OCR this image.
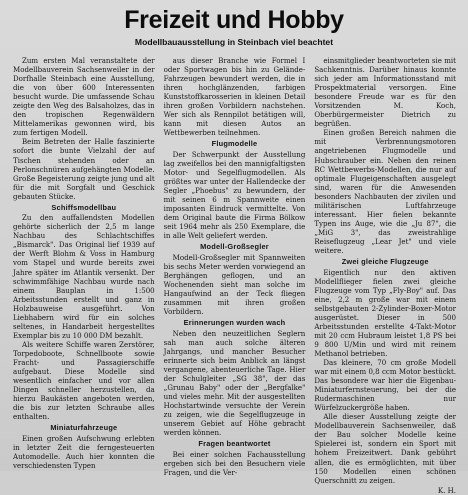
Freizeit und Hobby

Modellbauausstellung in Steinbach viel beachtet

Zum ersten Mal veranstaltete der Modellbauverein Sachsenweiler in der Dorfhalle Steinbach eine Ausstellung, die von über 600 Interessenten besucht wurde. Die umfassende Schau zeigte den Weg des Balsaholzes, das in den tropischen Regenwäldern Mittelamerikas gewonnen wird, bis zum fertigen Modell.

Beim Betreten der Halle faszinierte sofort die bunte Vielzahl der auf Tischen stehenden oder an Perlonschnüren aufgehängten Modelle. Große Begeisterung zeigte jung und alt für die mit Sorgfalt und Geschick gebauten Stücke.

Schiffsmodellbau

Zu den auffallendsten Modellen gehörte sicherlich der 2,5 m lange Nachbau des Schlachtschiffes „Bismarck". Das Original lief 1939 auf der Werft Blohm & Voss in Hamburg vom Stapel und wurde bereits zwei Jahre später im Atlantik versenkt. Der schwimmfähige Nachbau wurde nach einem Bauplan in 1:500 Arbeitsstunden erstellt und ganz in Holzbauweise ausgeführt. Von Liebhabern wird für ein solches seltenes, in Handarbeit hergestelltes Exemplar bis zu 10 000 DM bezahlt.

Als weitere Schiffe waren Zerstörer, Torpedoboote, Schnellboote sowie Fracht- und Passagierschiffe aufgebaut. Diese Modelle sind wesentlich einfacher und vor allen Dingen schneller herzustellen, da hierzu Baukästen angeboten werden, die bis zur letzten Schraube alles enthalten.

Miniaturfahrzeuge

Einen großen Aufschwung erlebten in letzter Zeit die ferngesteuerten Automodelle. Auch hier konnten die verschiedensten Typen

aus dieser Branche wie Formel I oder Sportwagen bis hin zu Gelände-Fahrzeugen bewundert werden, die in ihren hochglänzenden, farbigen Kunststoffkarosserien in kleinen Detail ihren großen Vorbildern nachstehen. Wer sich als Rennpilot betätigen will, kann mit diesen Autos an Wettbewerben teilnehmen.

Flugmodelle

Der Schwerpunkt der Ausstellung lag zweifellos bei den mannigfaltigsten Motor- und Segelflugmodellen. Als größtes war unter der Hallendecke der Segler „Phoebus" zu bewundern, der mit seinen 6 m Spannweite einen imposanten Eindruck vermittelte. Von dem Original baute die Firma Bölkow seit 1964 mehr als 250 Exemplare, die in alle Welt geliefert werden.

Modell-Großsegler

Modell-Großsegler mit Spannweiten bis sechs Meter werden vorwiegend an Berghängen geflogen, und an Wochenenden sieht man solche im Hangaufwind an der Teck fliegen zusammen mit ihren großen Vorbildern.

Erinnerungen wurden wach

Neben den neuzeitlichen Seglern sah man auch solche älteren Jahrgangs, und mancher Besucher erinnerte sich beim Anblick an längst vergangene, abenteuerliche Tage. Hier der Schulgleiter „SG 38", der das „Grunau Baby" oder der „Bergfalke" und vieles mehr. Mit der ausgestellten Hochstartwinde versuchte der Verein zu zeigen, wie die Segelflugzeuge in unserem Gebiet auf Höhe gebracht werden können.

Fragen beantwortet

Bei einer solchen Fachausstellung ergeben sich bei den Besuchern viele Fragen, und die Ver-

einsmitglieder beantworteten sie mit Sachkenntnis. Darüber hinaus konnte sich jeder am Informationsstand mit Prospektmaterial versorgen. Eine besondere Freude war es für den Vorsitzenden M. Koch, Oberbürgermeister Dietrich zu begrüßen.

Einen großen Bereich nahmen die mit Verbrennungsmotoren angetriebenen Flugmodelle und Hubschrauber ein. Neben den reinen RC Wettbewerbs-Modellen, die nur auf optimale Flugeigenschaften ausgelegt sind, waren für die Anwesenden besonders Nachbauten der zivilen und militärischen Luftfahrzeuge interessant. Hier fielen bekannte Typen ins Auge, wie die „Ju 87", die „MiG 3", das zweistrahlige Reiseflugzeug „Lear Jet" und viele weitere.

Zwei gleiche Flugzeuge

Eigentlich nur den aktiven Modellflieger fielen zwei gleiche Flugzeuge vom Typ „Fly-Boy" auf. Das eine, 2,2 m große war mit einem selbstgebauten 2-Zylinder-Boxer-Motor ausgerüstet. Dieser in 500 Arbeitsstunden erstellte 4-Takt-Motor mit 20 ccm Hubraum leistet 1,8 PS bei 9 800 U/Min und wird mit reinem Methanol betrieben.

Das kleinere, 70 cm große Modell war mit einem 0,8 ccm Motor bestückt. Das besondere war hier die Eigenbau-Miniaturfernsteuerung, bei der die Rudermaschinen nur Würfelzuckergröße haben.

Alle dieser Ausstellung zeigte der Modellbauverein Sachsenweiler, daß der Bau solcher Modelle keine Spielerei ist, sondern ein Sport mit hohem Freizeitwert. Dank gebührt allen, die es ermöglichten, mit über 150 Modellen einen schönen Querschnitt zu zeigen.

K. H.
